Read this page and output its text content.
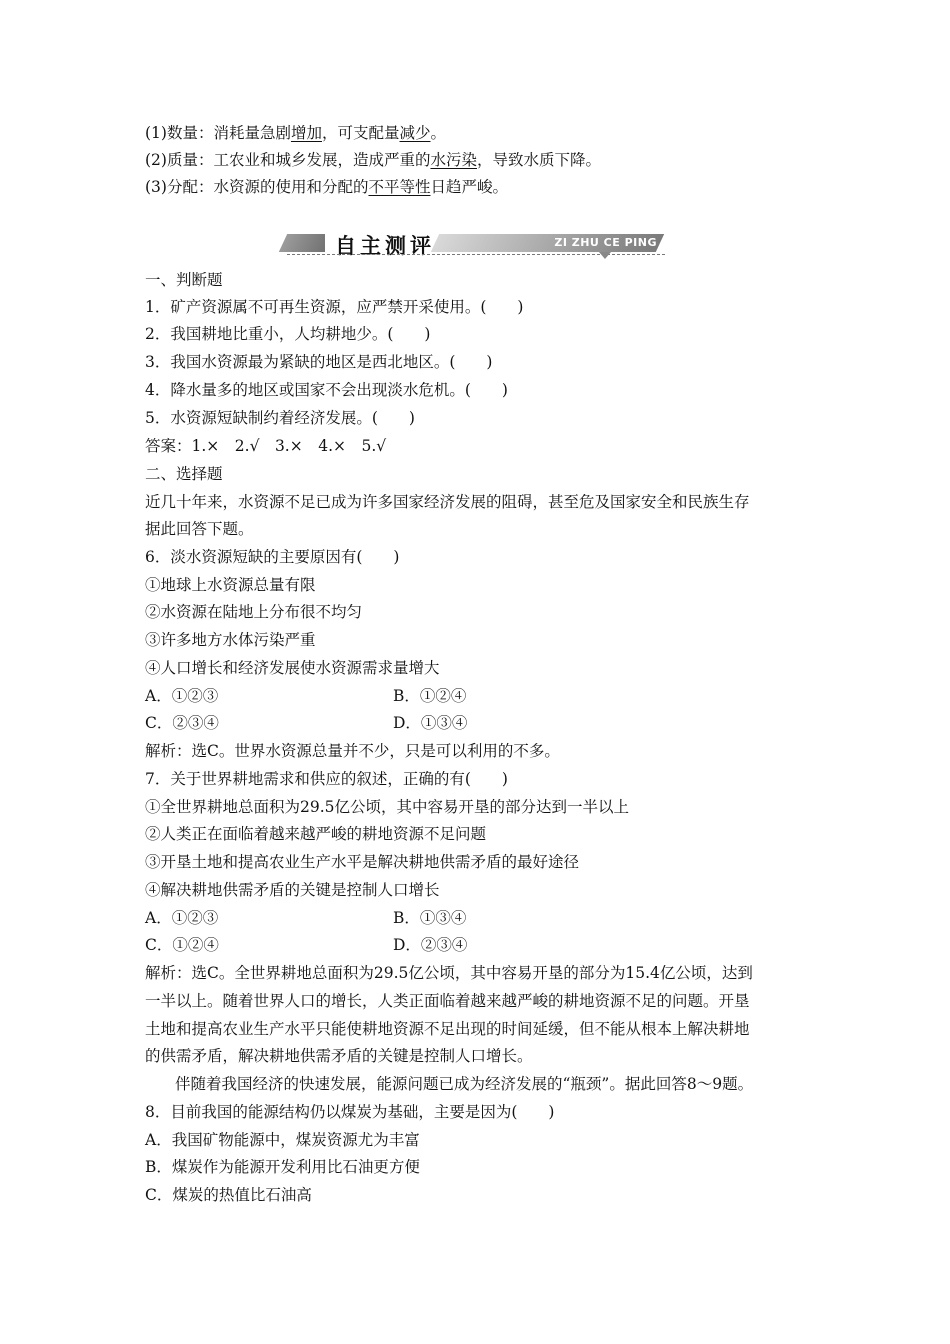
(1)数量：消耗量急剧增加，可支配量减少。
(2)质量：工农业和城乡发展，造成严重的水污染，导致水质下降。
(3)分配：水资源的使用和分配的不平等性日趋严峻。
自主测评	ZI ZHU CE PING
一、判断题
1．矿产资源属不可再生资源，应严禁开采使用。(　　)
2．我国耕地比重小，人均耕地少。(　　)
3．我国水资源最为紧缺的地区是西北地区。(　　)
4．降水量多的地区或国家不会出现淡水危机。(　　)
5．水资源短缺制约着经济发展。(　　)
答案：1.×　2.√　3.×　4.×　5.√
二、选择题
近几十年来，水资源不足已成为许多国家经济发展的阻碍，甚至危及国家安全和民族生存
据此回答下题。
6．淡水资源短缺的主要原因有(　　)
①地球上水资源总量有限
②水资源在陆地上分布很不均匀
③许多地方水体污染严重
④人口增长和经济发展使水资源需求量增大
A．①②③	B．①②④
C．②③④	D．①③④
解析：选C。世界水资源总量并不少，只是可以利用的不多。
7．关于世界耕地需求和供应的叙述，正确的有(　　)
①全世界耕地总面积为29.5亿公顷，其中容易开垦的部分达到一半以上
②人类正在面临着越来越严峻的耕地资源不足问题
③开垦土地和提高农业生产水平是解决耕地供需矛盾的最好途径
④解决耕地供需矛盾的关键是控制人口增长
A．①②③	B．①③④
C．①②④	D．②③④
解析：选C。全世界耕地总面积为29.5亿公顷，其中容易开垦的部分为15.4亿公顷，达到
一半以上。随着世界人口的增长，人类正面临着越来越严峻的耕地资源不足的问题。开垦
土地和提高农业生产水平只能使耕地资源不足出现的时间延缓，但不能从根本上解决耕地
的供需矛盾，解决耕地供需矛盾的关键是控制人口增长。
伴随着我国经济的快速发展，能源问题已成为经济发展的“瓶颈”。据此回答8～9题。
8．目前我国的能源结构仍以煤炭为基础，主要是因为(　　)
A．我国矿物能源中，煤炭资源尤为丰富
B．煤炭作为能源开发利用比石油更方便
C．煤炭的热值比石油高
